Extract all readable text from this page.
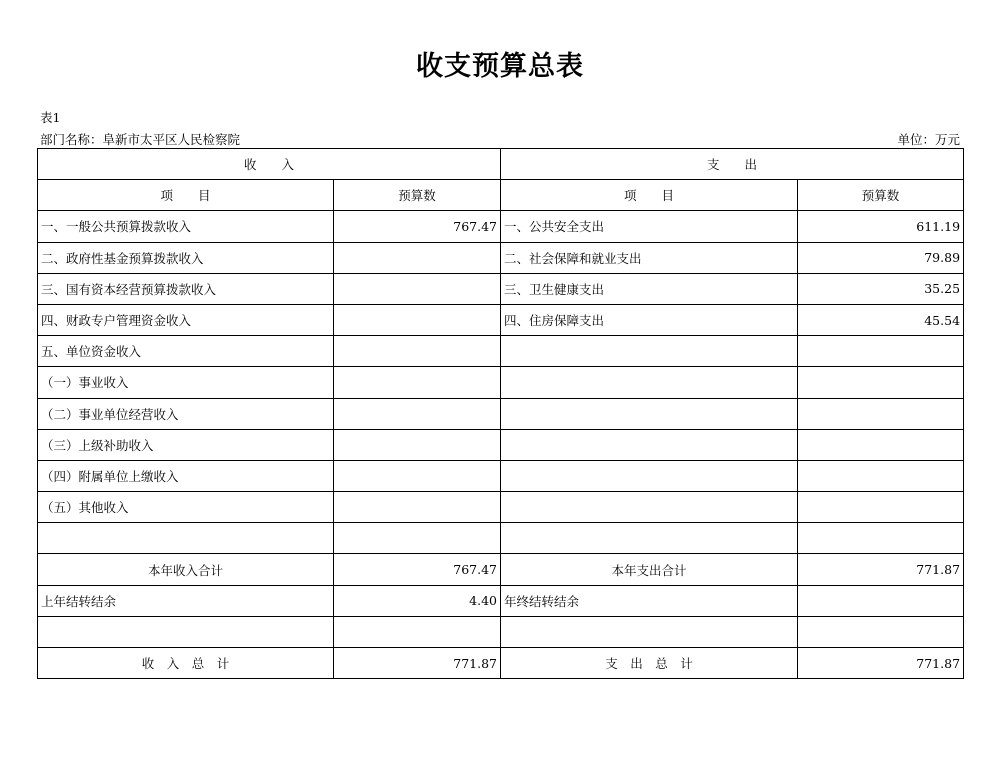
收支预算总表
表1
部门名称：阜新市太平区人民检察院	单位：万元
收　　入		支　　出	
项　　目	预算数	项　　目	预算数
一、一般公共预算拨款收入	767.47	一、公共安全支出	611.19
二、政府性基金预算拨款收入		二、社会保障和就业支出	79.89
三、国有资本经营预算拨款收入		三、卫生健康支出	35.25
四、财政专户管理资金收入		四、住房保障支出	45.54
五、单位资金收入			
（一）事业收入			
（二）事业单位经营收入			
（三）上级补助收入			
（四）附属单位上缴收入			
（五）其他收入			

本年收入合计	767.47	本年支出合计	771.87
上年结转结余	4.40	年终结转结余	

收　入　总　计	771.87	支　出　总　计	771.87
